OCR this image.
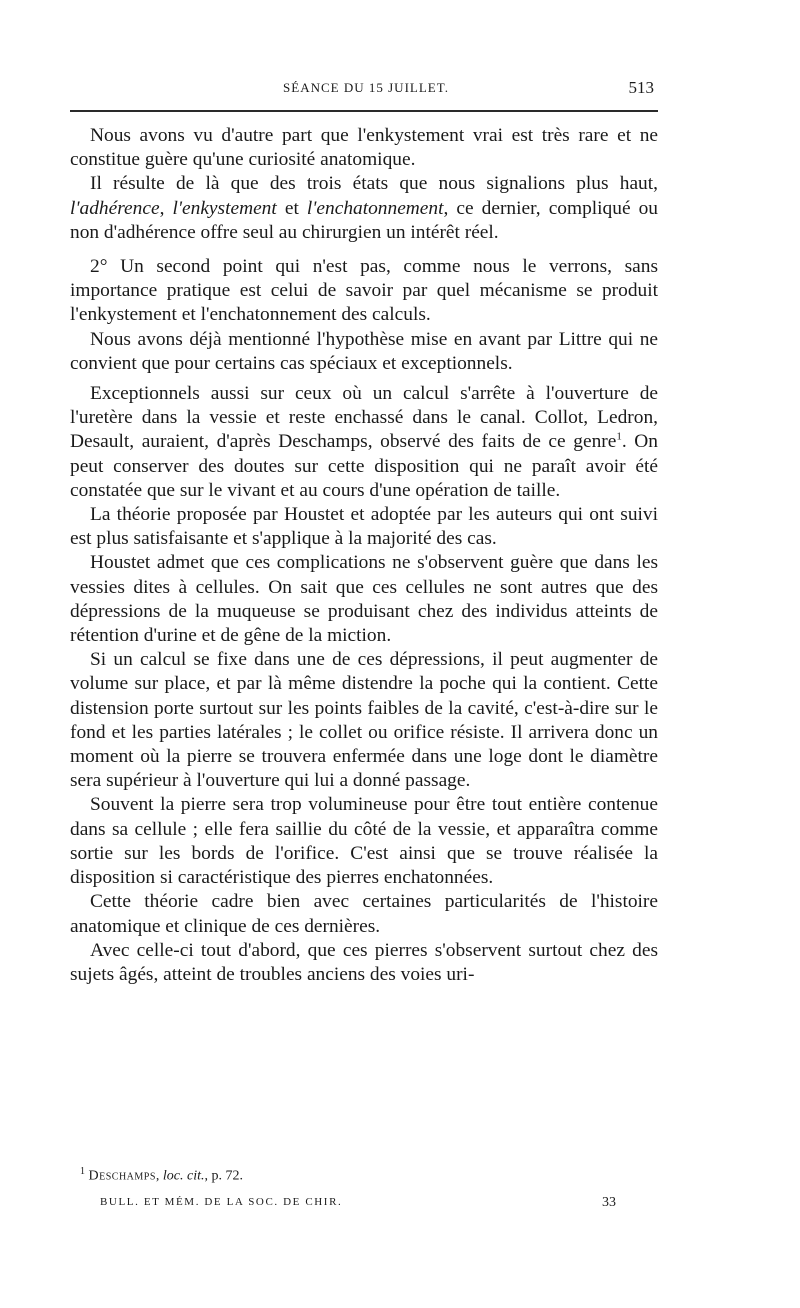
SÉANCE DU 15 JUILLET.	513

Nous avons vu d'autre part que l'enkystement vrai est très rare et ne constitue guère qu'une curiosité anatomique.

Il résulte de là que des trois états que nous signalions plus haut, l'adhérence, l'enkystement et l'enchatonnement, ce dernier, compliqué ou non d'adhérence offre seul au chirurgien un intérêt réel.

2° Un second point qui n'est pas, comme nous le verrons, sans importance pratique est celui de savoir par quel mécanisme se produit l'enkystement et l'enchatonnement des calculs.

Nous avons déjà mentionné l'hypothèse mise en avant par Littre qui ne convient que pour certains cas spéciaux et exceptionnels.

Exceptionnels aussi sur ceux où un calcul s'arrête à l'ouverture de l'uretère dans la vessie et reste enchassé dans le canal. Collot, Ledron, Desault, auraient, d'après Deschamps, observé des faits de ce genre$^1$. On peut conserver des doutes sur cette disposition qui ne paraît avoir été constatée que sur le vivant et au cours d'une opération de taille.

La théorie proposée par Houstet et adoptée par les auteurs qui ont suivi est plus satisfaisante et s'applique à la majorité des cas.

Houstet admet que ces complications ne s'observent guère que dans les vessies dites à cellules. On sait que ces cellules ne sont autres que des dépressions de la muqueuse se produisant chez des individus atteints de rétention d'urine et de gêne de la miction.

Si un calcul se fixe dans une de ces dépressions, il peut augmenter de volume sur place, et par là même distendre la poche qui la contient. Cette distension porte surtout sur les points faibles de la cavité, c'est-à-dire sur le fond et les parties latérales ; le collet ou orifice résiste. Il arrivera donc un moment où la pierre se trouvera enfermée dans une loge dont le diamètre sera supérieur à l'ouverture qui lui a donné passage.

Souvent la pierre sera trop volumineuse pour être tout entière contenue dans sa cellule ; elle fera saillie du côté de la vessie, et apparaîtra comme sortie sur les bords de l'orifice. C'est ainsi que se trouve réalisée la disposition si caractéristique des pierres enchatonnées.

Cette théorie cadre bien avec certaines particularités de l'histoire anatomique et clinique de ces dernières.

Avec celle-ci tout d'abord, que ces pierres s'observent surtout chez des sujets âgés, atteint de troubles anciens des voies uri-

$^1$ Deschamps, loc. cit., p. 72.
BULL. ET MÉM. DE LA SOC. DE CHIR.	33
